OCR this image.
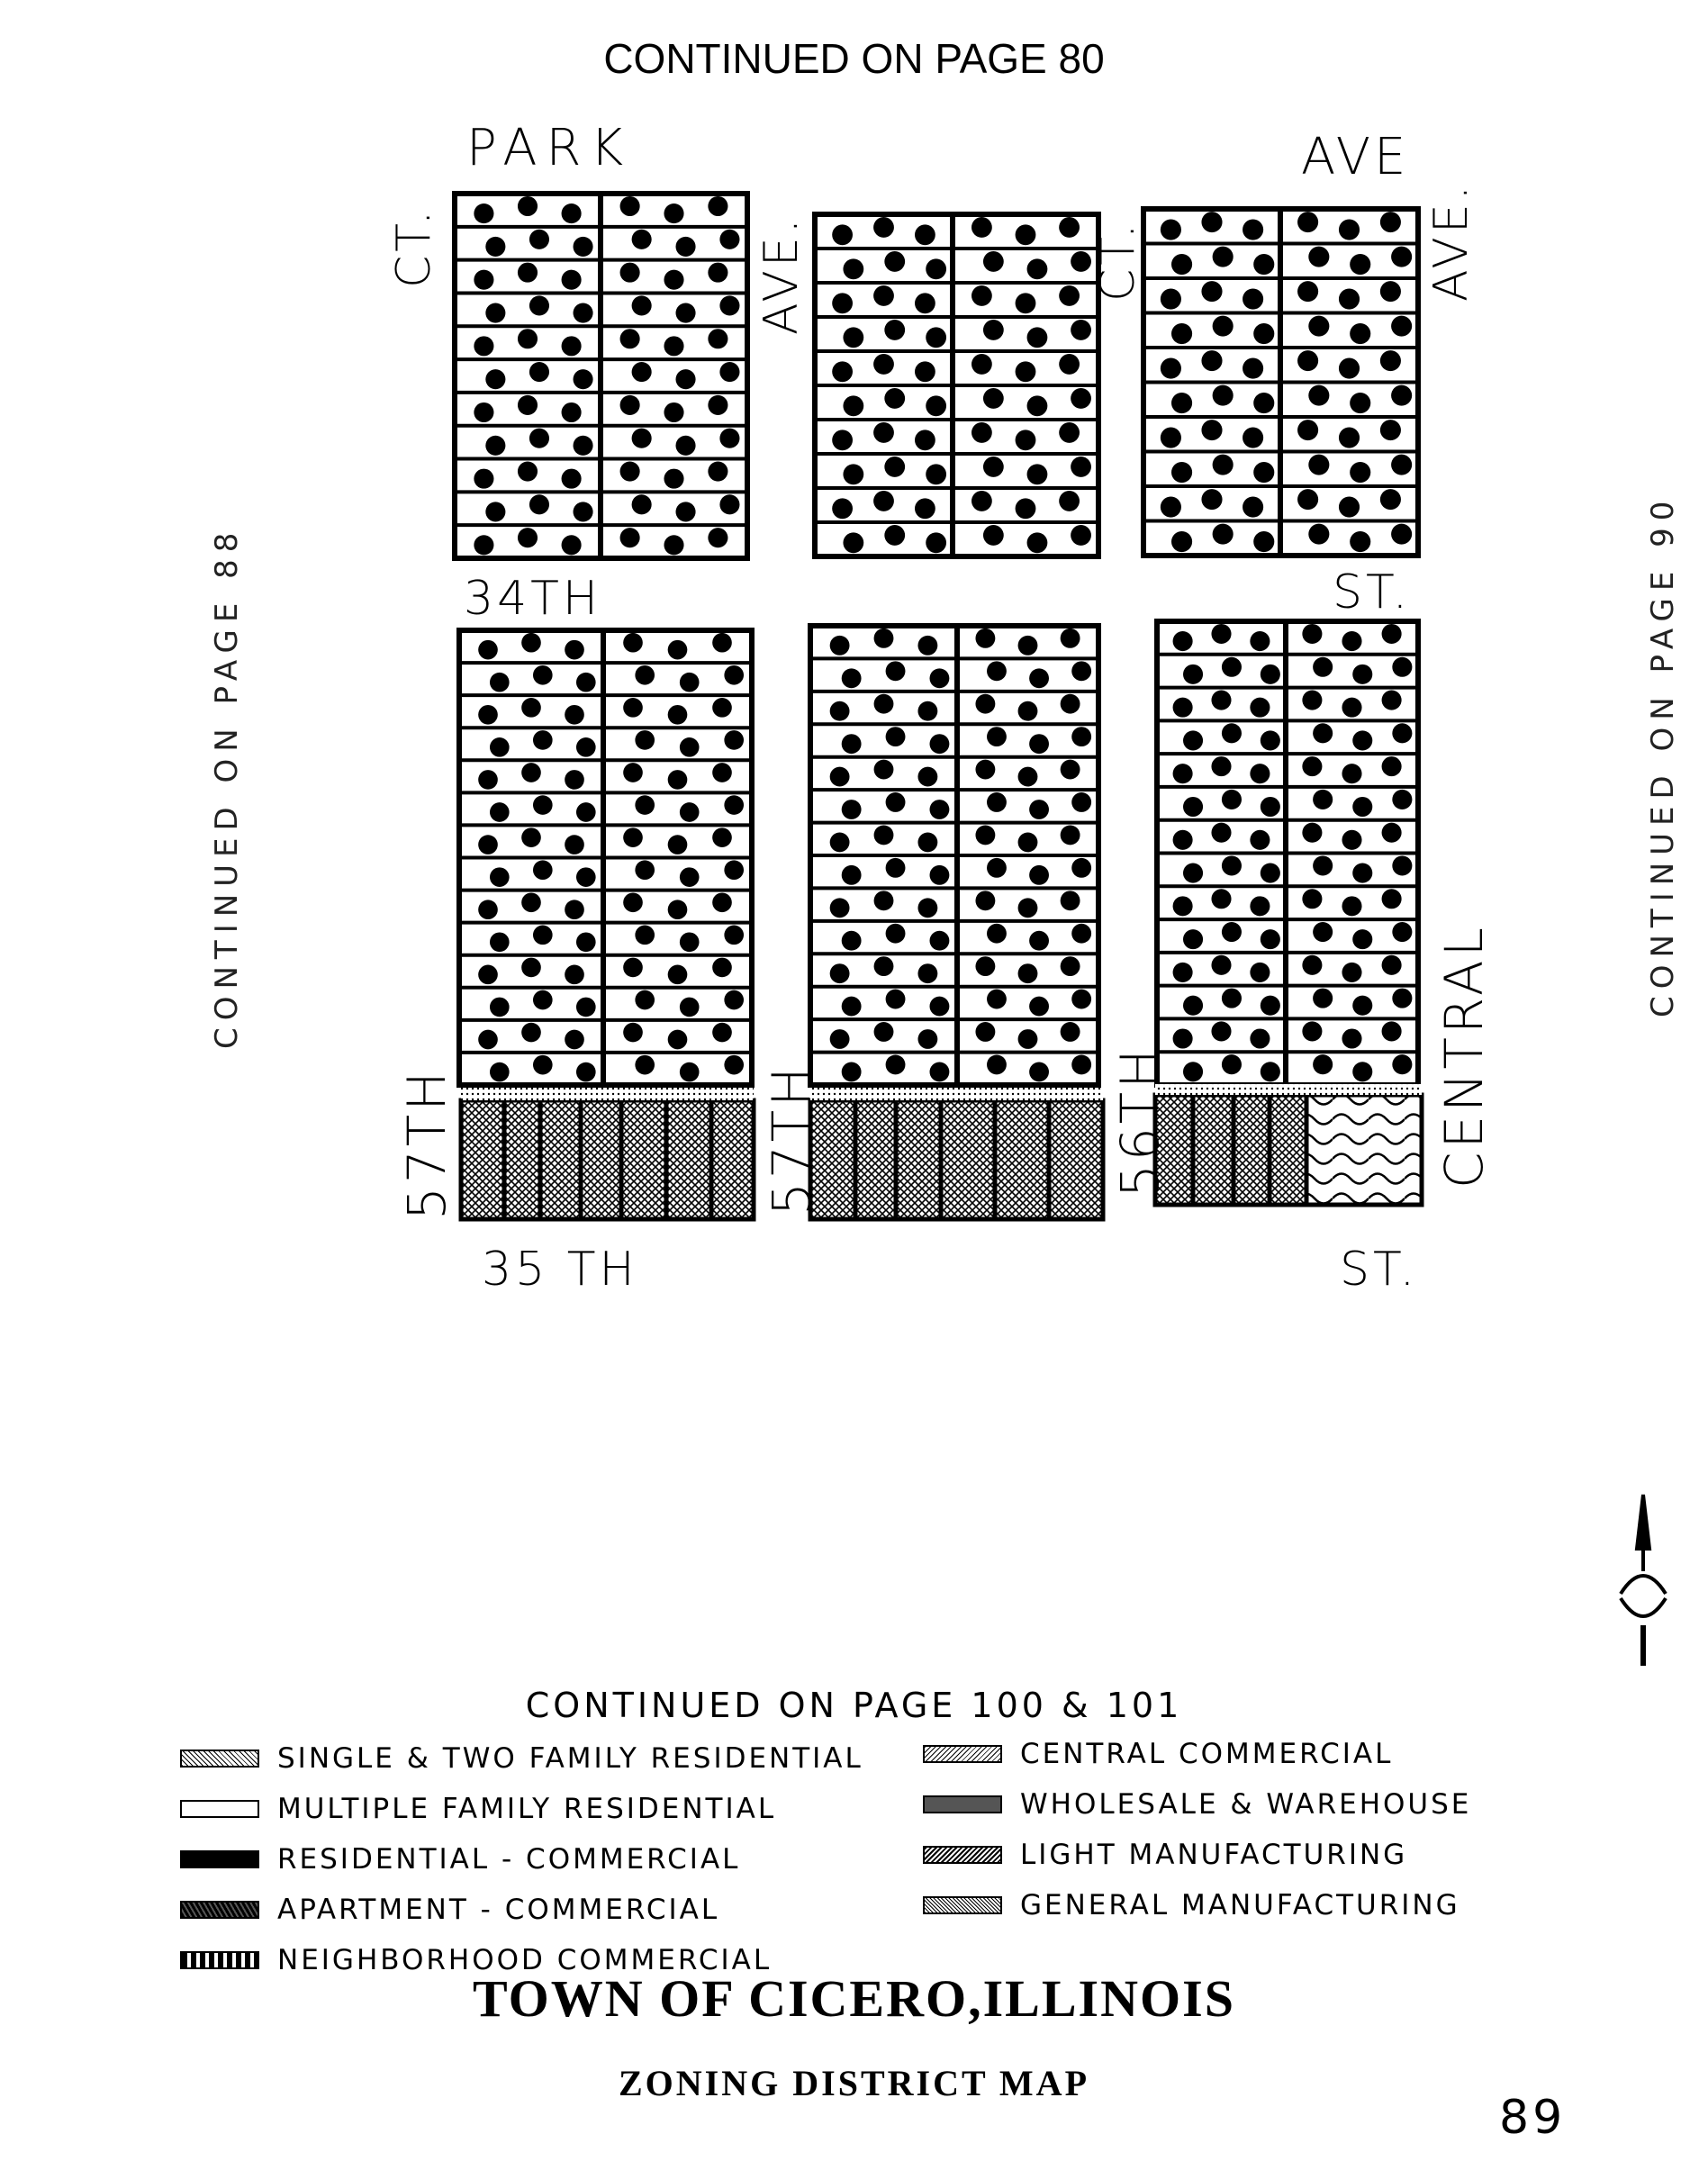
CONTINUED ON PAGE 80
PARK	AVE
CT.	AVE.	CT.	AVE.
34TH	ST.
57TH	57TH	56TH	CENTRAL
35 TH	ST.
CONTINUED ON PAGE 88	CONTINUED ON PAGE 90
CONTINUED ON PAGE 100 & 101
SINGLE & TWO FAMILY RESIDENTIAL
MULTIPLE FAMILY RESIDENTIAL
RESIDENTIAL - COMMERCIAL
APARTMENT - COMMERCIAL
NEIGHBORHOOD COMMERCIAL
CENTRAL COMMERCIAL
WHOLESALE & WAREHOUSE
LIGHT MANUFACTURING
GENERAL MANUFACTURING
TOWN OF CICERO,ILLINOIS
ZONING DISTRICT MAP
89
